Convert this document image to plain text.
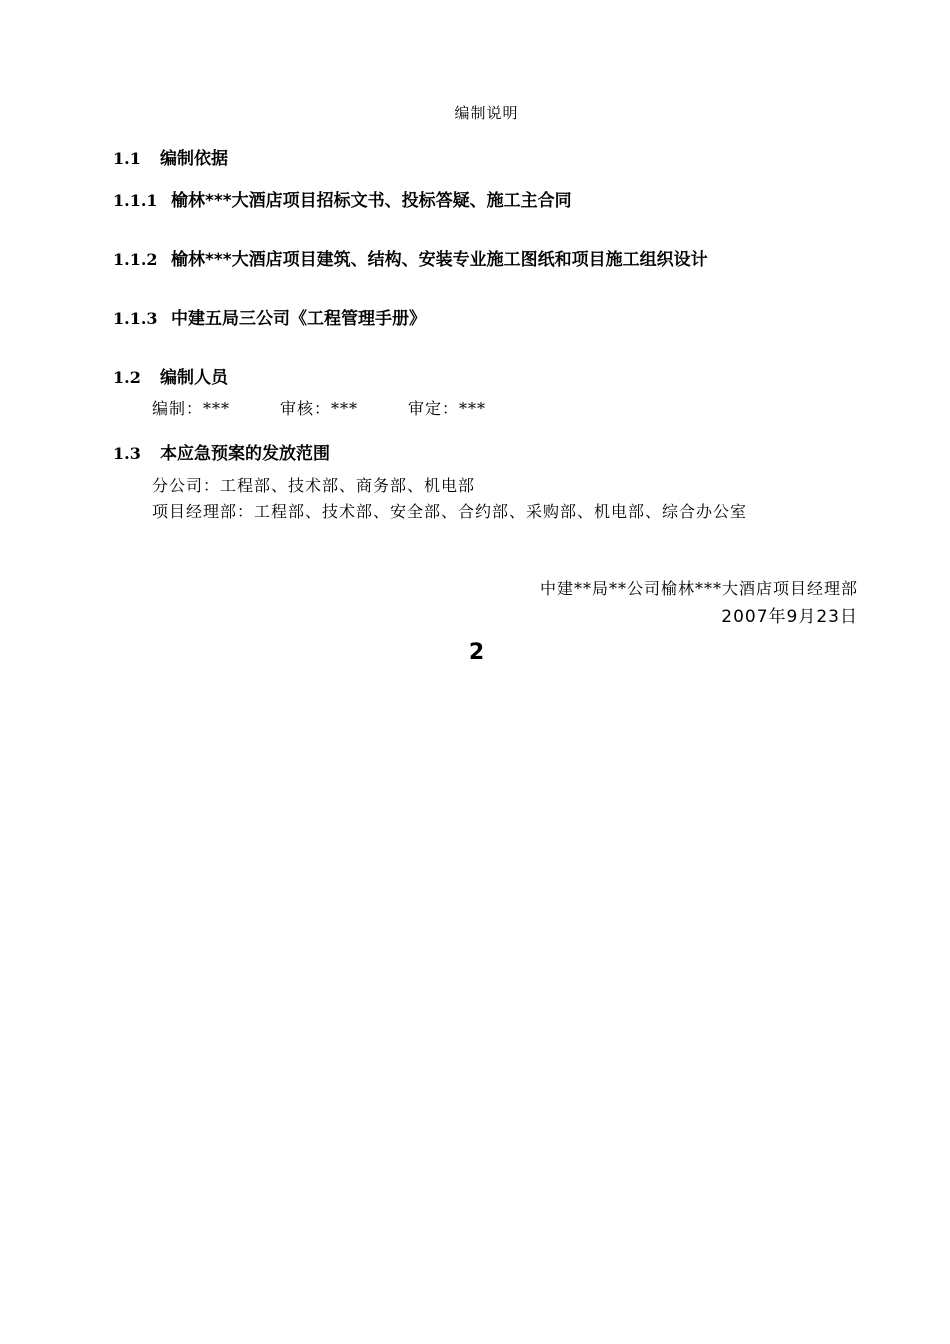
编制说明
1.1 编制依据
1.1.1 榆林***大酒店项目招标文书、投标答疑、施工主合同
1.1.2 榆林***大酒店项目建筑、结构、安装专业施工图纸和项目施工组织设计
1.1.3 中建五局三公司《工程管理手册》
1.2 编制人员
编制：***	审核：***	审定：***
1.3 本应急预案的发放范围
分公司：工程部、技术部、商务部、机电部
项目经理部：工程部、技术部、安全部、合约部、采购部、机电部、综合办公室
中建**局**公司榆林***大酒店项目经理部
2007年9月23日
2
